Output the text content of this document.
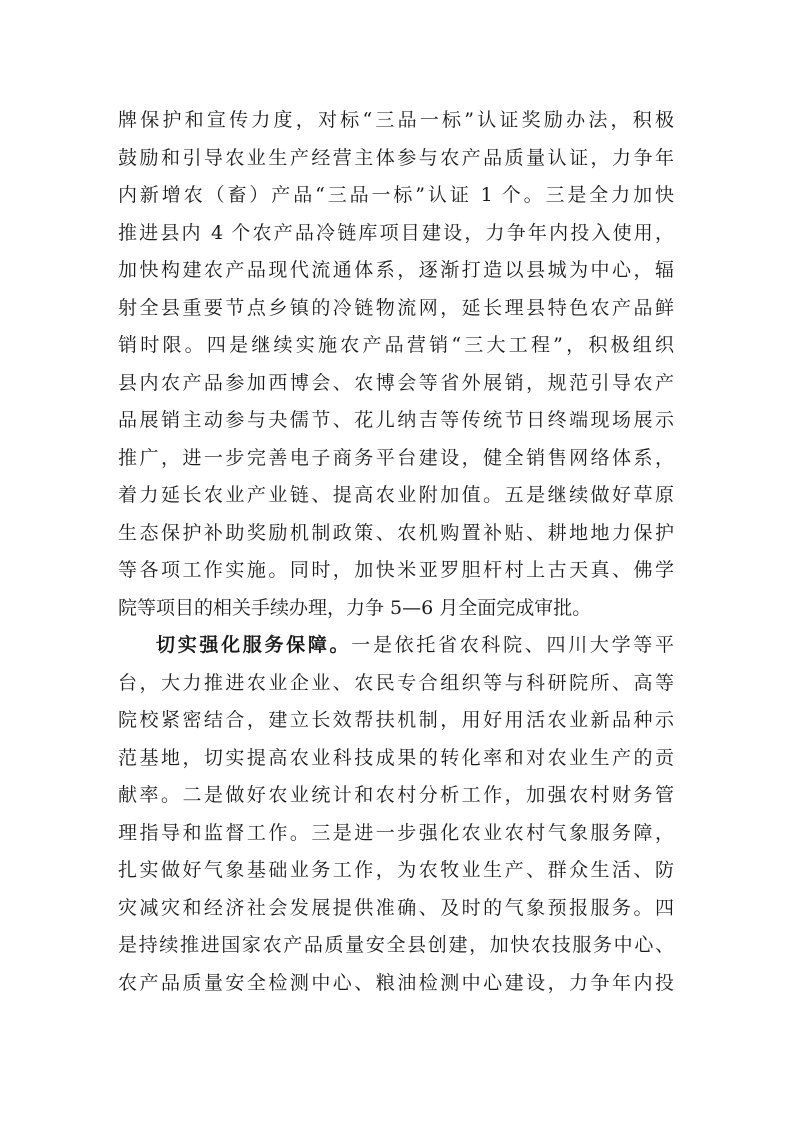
牌保护和宣传力度，对标“三品一标”认证奖励办法，积极
鼓励和引导农业生产经营主体参与农产品质量认证，力争年
内新增农（畜）产品“三品一标”认证 1 个。三是全力加快
推进县内 4 个农产品冷链库项目建设，力争年内投入使用，
加快构建农产品现代流通体系，逐渐打造以县城为中心，辐
射全县重要节点乡镇的冷链物流网，延长理县特色农产品鲜
销时限。四是继续实施农产品营销“三大工程”，积极组织
县内农产品参加西博会、农博会等省外展销，规范引导农产
品展销主动参与夬儒节、花儿纳吉等传统节日终端现场展示
推广，进一步完善电子商务平台建设，健全销售网络体系，
着力延长农业产业链、提高农业附加值。五是继续做好草原
生态保护补助奖励机制政策、农机购置补贴、耕地地力保护
等各项工作实施。同时，加快米亚罗胆杆村上古天真、佛学
院等项目的相关手续办理，力争 5—6 月全面完成审批。
切实强化服务保障。一是依托省农科院、四川大学等平
台，大力推进农业企业、农民专合组织等与科研院所、高等
院校紧密结合，建立长效帮扶机制，用好用活农业新品种示
范基地，切实提高农业科技成果的转化率和对农业生产的贡
献率。二是做好农业统计和农村分析工作，加强农村财务管
理指导和监督工作。三是进一步强化农业农村气象服务障，
扎实做好气象基础业务工作，为农牧业生产、群众生活、防
灾减灾和经济社会发展提供准确、及时的气象预报服务。四
是持续推进国家农产品质量安全县创建，加快农技服务中心、
农产品质量安全检测中心、粮油检测中心建设，力争年内投
